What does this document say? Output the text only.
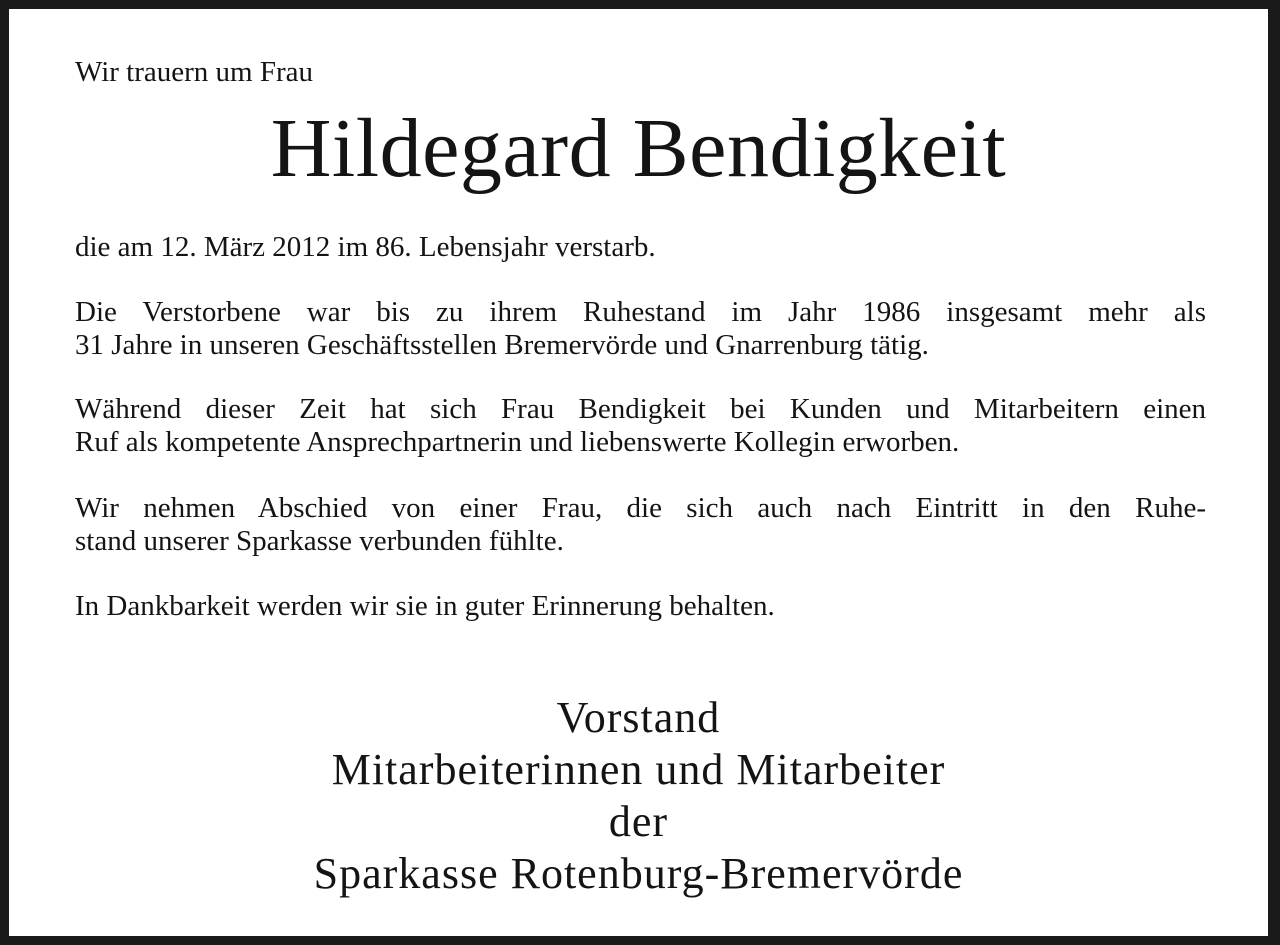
Wir trauern um Frau

Hildegard Bendigkeit

die am 12. März 2012 im 86. Lebensjahr verstarb.

Die Verstorbene war bis zu ihrem Ruhestand im Jahr 1986 insgesamt mehr als
31 Jahre in unseren Geschäftsstellen Bremervörde und Gnarrenburg tätig.
Während dieser Zeit hat sich Frau Bendigkeit bei Kunden und Mitarbeitern einen
Ruf als kompetente Ansprechpartnerin und liebenswerte Kollegin erworben.
Wir nehmen Abschied von einer Frau, die sich auch nach Eintritt in den Ruhe-
stand unserer Sparkasse verbunden fühlte.

In Dankbarkeit werden wir sie in guter Erinnerung behalten.

Vorstand
Mitarbeiterinnen und Mitarbeiter
der
Sparkasse Rotenburg-Bremervörde
